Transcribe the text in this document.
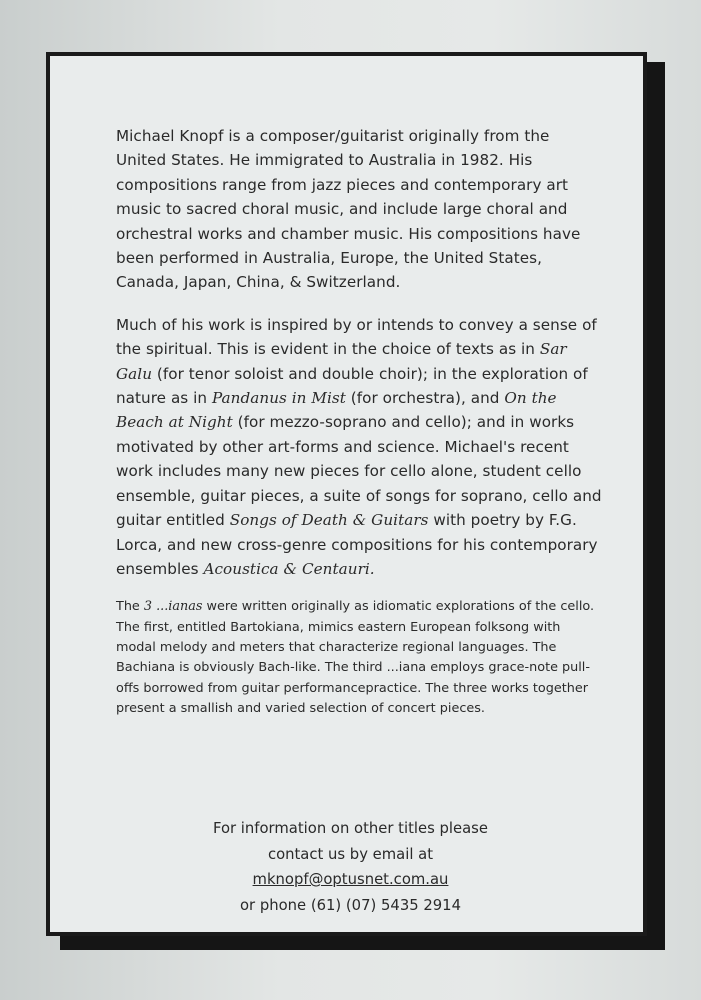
Michael Knopf is a composer/guitarist originally from the United States. He immigrated to Australia in 1982. His compositions range from jazz pieces and contemporary art music to sacred choral music, and include large choral and orchestral works and chamber music. His compositions have been performed in Australia, Europe, the United States, Canada, Japan, China, & Switzerland.

Much of his work is inspired by or intends to convey a sense of the spiritual. This is evident in the choice of texts as in Sar Galu (for tenor soloist and double choir); in the exploration of nature as in Pandanus in Mist (for orchestra), and On the Beach at Night (for mezzo-soprano and cello); and in works motivated by other art-forms and science. Michael's recent work includes many new pieces for cello alone, student cello ensemble, guitar pieces, a suite of songs for soprano, cello and guitar entitled Songs of Death & Guitars with poetry by F.G. Lorca, and new cross-genre compositions for his contemporary ensembles Acoustica & Centauri.

The 3 ...ianas were written originally as idiomatic explorations of the cello. The first, entitled Bartokiana, mimics eastern European folksong with modal melody and meters that characterize regional languages. The Bachiana is obviously Bach-like. The third ...iana employs grace-note pull-offs borrowed from guitar performancepractice. The three works together present a smallish and varied selection of concert pieces.

For information on other titles please
contact us by email at
mknopf@optusnet.com.au
or phone (61) (07) 5435 2914
